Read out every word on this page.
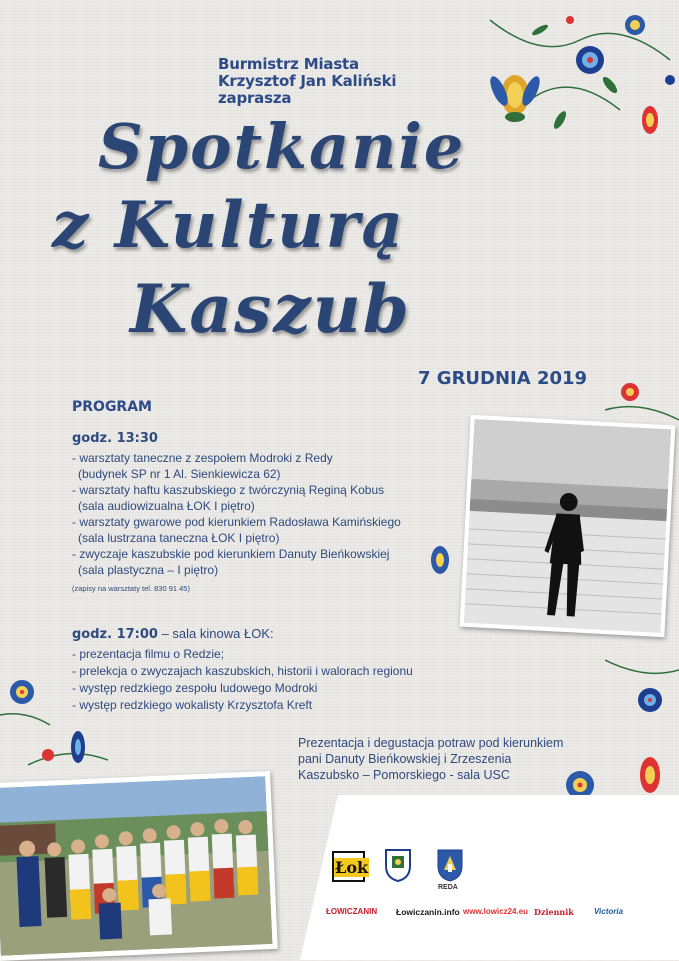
Burmistrz Miasta
Krzysztof Jan Kaliński
zaprasza
Spotkanie
z Kulturą
Kaszub
7 GRUDNIA 2019
PROGRAM
godz. 13:30
- warsztaty taneczne z zespołem Modroki z Redy
(budynek SP nr 1 Al. Sienkiewicza 62)
- warsztaty haftu kaszubskiego z twórczynią Reginą Kobus
(sala audiowizualna ŁOK I piętro)
- warsztaty gwarowe pod kierunkiem Radosława Kamińskiego
(sala lustrzana taneczna ŁOK I piętro)
- zwyczaje kaszubskie pod kierunkiem Danuty Bieńkowskiej
(sala plastyczna – I piętro)
(zapisy na warsztaty tel. 830 91 45)
godz. 17:00 – sala kinowa ŁOK:
- prezentacja filmu o Redzie;
- prelekcja o zwyczajach kaszubskich, historii i walorach regionu
- występ redzkiego zespołu ludowego Modroki
- występ redzkiego wokalisty Krzysztofa Kreft
Prezentacja i degustacja potraw pod kierunkiem
pani Danuty Bieńkowskiej i Zrzeszenia
Kaszubsko – Pomorskiego - sala USC
Łok
REDA
ŁOWICZANIN Łowiczanin.info www.lowicz24.eu Dziennik	Victoria
